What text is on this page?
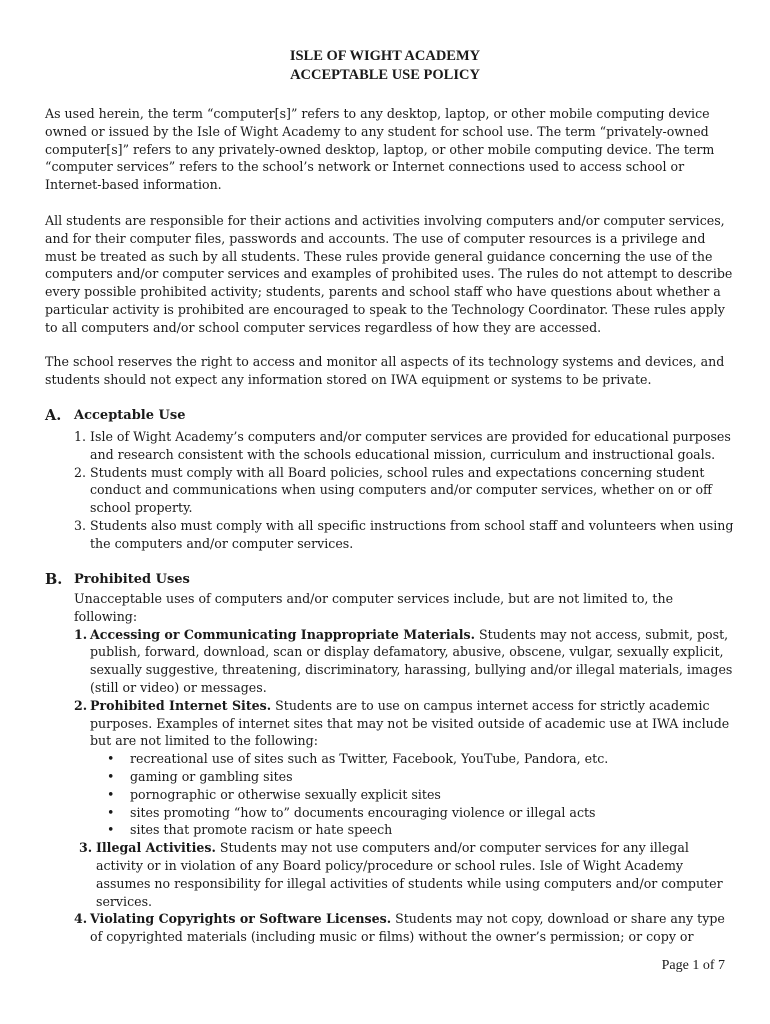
ISLE OF WIGHT ACADEMY
ACCEPTABLE USE POLICY

As used herein, the term “computer[s]” refers to any desktop, laptop, or other mobile computing device owned or issued by the Isle of Wight Academy to any student for school use. The term “privately-owned computer[s]” refers to any privately-owned desktop, laptop, or other mobile computing device. The term “computer services” refers to the school’s network or Internet connections used to access school or Internet-based information.

All students are responsible for their actions and activities involving computers and/or computer services, and for their computer files, passwords and accounts. The use of computer resources is a privilege and must be treated as such by all students. These rules provide general guidance concerning the use of the computers and/or computer services and examples of prohibited uses. The rules do not attempt to describe every possible prohibited activity; students, parents and school staff who have questions about whether a particular activity is prohibited are encouraged to speak to the Technology Coordinator. These rules apply to all computers and/or school computer services regardless of how they are accessed.

The school reserves the right to access and monitor all aspects of its technology systems and devices, and students should not expect any information stored on IWA equipment or systems to be private.

A. Acceptable Use
1. Isle of Wight Academy’s computers and/or computer services are provided for educational purposes and research consistent with the schools educational mission, curriculum and instructional goals.
2. Students must comply with all Board policies, school rules and expectations concerning student conduct and communications when using computers and/or computer services, whether on or off school property.
3. Students also must comply with all specific instructions from school staff and volunteers when using the computers and/or computer services.
B. Prohibited Uses
Unacceptable uses of computers and/or computer services include, but are not limited to, the following:
1. Accessing or Communicating Inappropriate Materials. Students may not access, submit, post, publish, forward, download, scan or display defamatory, abusive, obscene, vulgar, sexually explicit, sexually suggestive, threatening, discriminatory, harassing, bullying and/or illegal materials, images (still or video) or messages.
2. Prohibited Internet Sites. Students are to use on campus internet access for strictly academic purposes. Examples of internet sites that may not be visited outside of academic use at IWA include but are not limited to the following:
• recreational use of sites such as Twitter, Facebook, YouTube, Pandora, etc.
• gaming or gambling sites
• pornographic or otherwise sexually explicit sites
• sites promoting “how to” documents encouraging violence or illegal acts
• sites that promote racism or hate speech
3. Illegal Activities. Students may not use computers and/or computer services for any illegal activity or in violation of any Board policy/procedure or school rules. Isle of Wight Academy assumes no responsibility for illegal activities of students while using computers and/or computer services.
4. Violating Copyrights or Software Licenses. Students may not copy, download or share any type of copyrighted materials (including music or films) without the owner’s permission; or copy or
Page 1 of 7
